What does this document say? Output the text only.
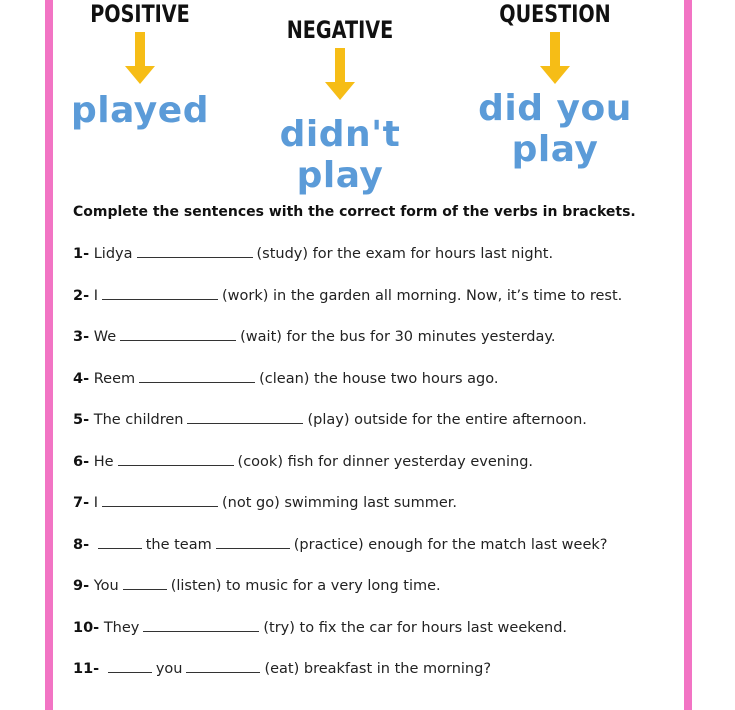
POSITIVE
played
NEGATIVE
didn't play
QUESTION
did you play
Complete the sentences with the correct form of the verbs in brackets.
1- Lidya	(study) for the exam for hours last night.
2- I	(work) in the garden all morning. Now, it’s time to rest.
3- We	(wait) for the bus for 30 minutes yesterday.
4- Reem	(clean) the house two hours ago.
5- The children	(play) outside for the entire afternoon.
6- He	(cook) fish for dinner yesterday evening.
7- I	(not go) swimming last summer.
8-	the team	(practice) enough for the match last week?
9- You	(listen) to music for a very long time.
10- They	(try) to fix the car for hours last weekend.
11-	you	(eat) breakfast in the morning?
